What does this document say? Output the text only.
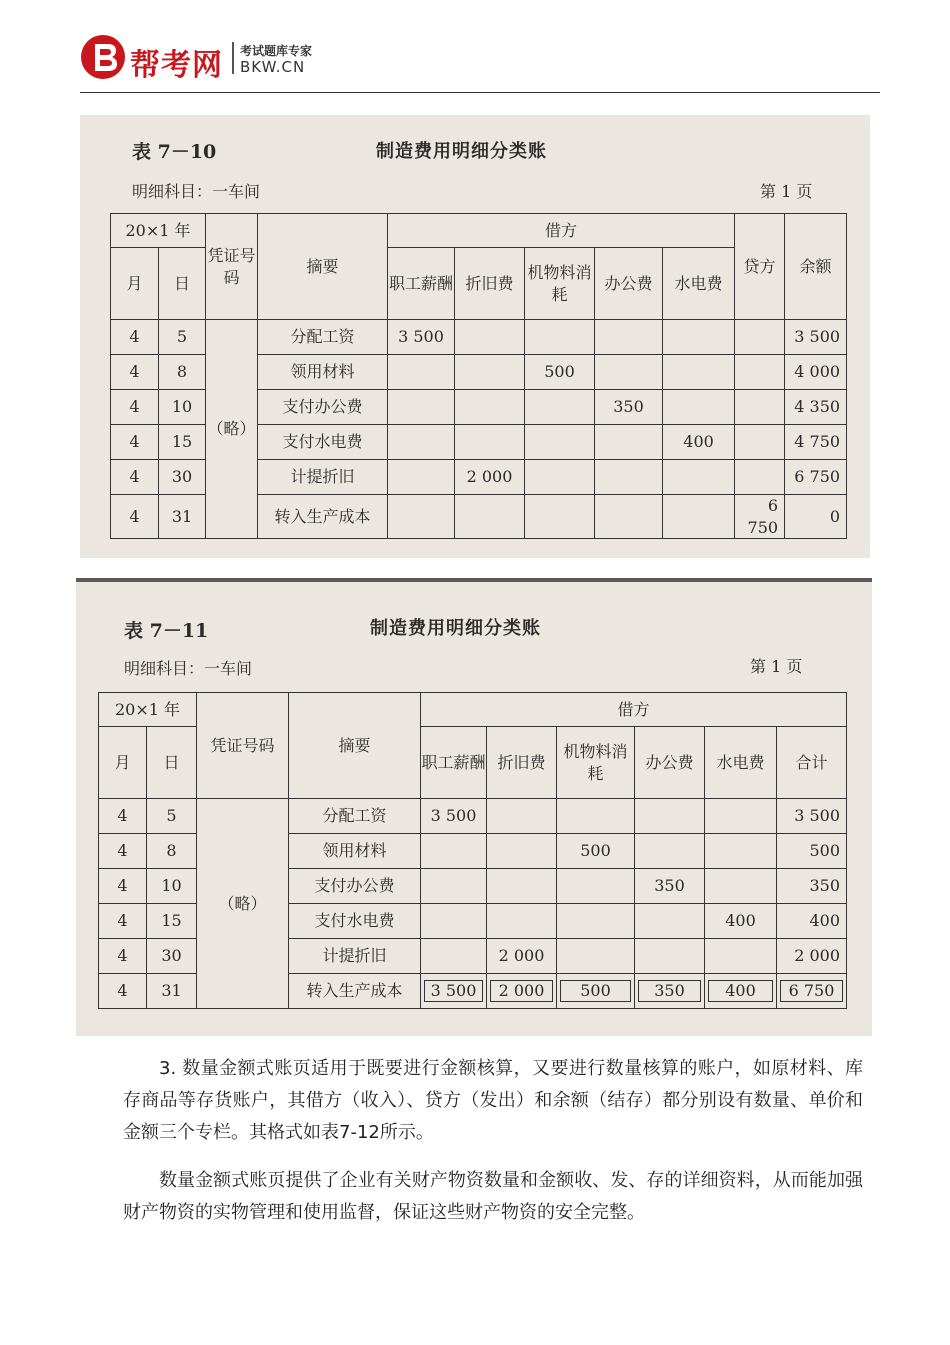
帮考网 考试题库专家
BKW.CN
表 7－10	制造费用明细分类账
明细科目：一车间	第 1 页
20×1 年		凭证号码	摘要	借方					贷方	余额
月	日			职工薪酬	折旧费	机物料消耗	办公费	水电费		

4	5	（略）	分配工资	3 500						3 500
4	8		领用材料			500				4 000
4	10		支付办公费				350			4 350
4	15		支付水电费					400		4 750
4	30		计提折旧		2 000					6 750
4	31		转入生产成本						6 750	0
表 7－11	制造费用明细分类账
明细科目：一车间	第 1 页
20×1 年		凭证号码	摘要	借方					
月	日			职工薪酬	折旧费	机物料消耗	办公费	水电费	合计

4	5	（略）	分配工资	3 500					3 500
4	8		领用材料			500			500
4	10		支付办公费				350		350
4	15		支付水电费					400	400
4	30		计提折旧		2 000				2 000
4	31		转入生产成本	3 500	2 000	500	350	400	6 750
3. 数量金额式账页适用于既要进行金额核算，又要进行数量核算的账户，如原材料、库存商品等存货账户，其借方（收入）、贷方（发出）和余额（结存）都分别设有数量、单价和金额三个专栏。其格式如表7-12所示。
数量金额式账页提供了企业有关财产物资数量和金额收、发、存的详细资料，从而能加强财产物资的实物管理和使用监督，保证这些财产物资的安全完整。
